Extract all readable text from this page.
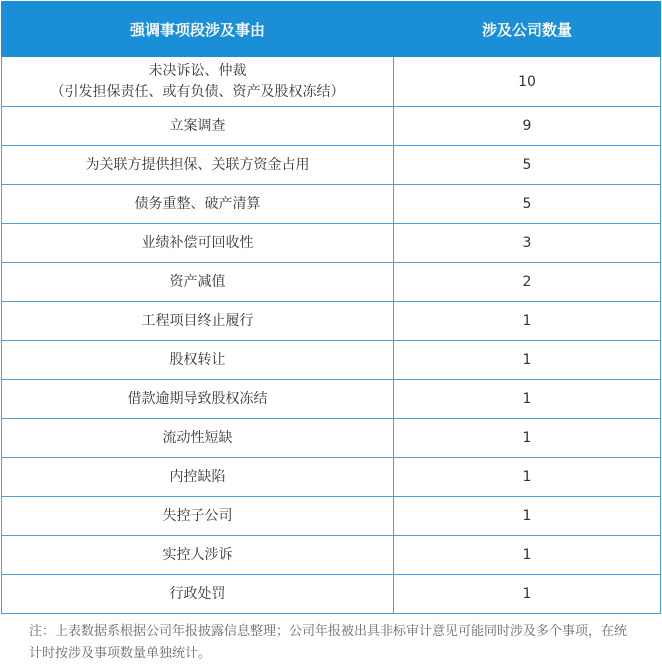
强调事项段涉及事由	涉及公司数量

未决诉讼、仲裁
（引发担保责任、或有负债、资产及股权冻结）	10

立案调查	9

为关联方提供担保、关联方资金占用	5

债务重整、破产清算	5

业绩补偿可回收性	3

资产减值	2

工程项目终止履行	1

股权转让	1

借款逾期导致股权冻结	1

流动性短缺	1

内控缺陷	1

失控子公司	1

实控人涉诉	1

行政处罚	1
注：上表数据系根据公司年报披露信息整理；公司年报被出具非标审计意见可能同时涉及多个事项，在统计时按涉及事项数量单独统计。
